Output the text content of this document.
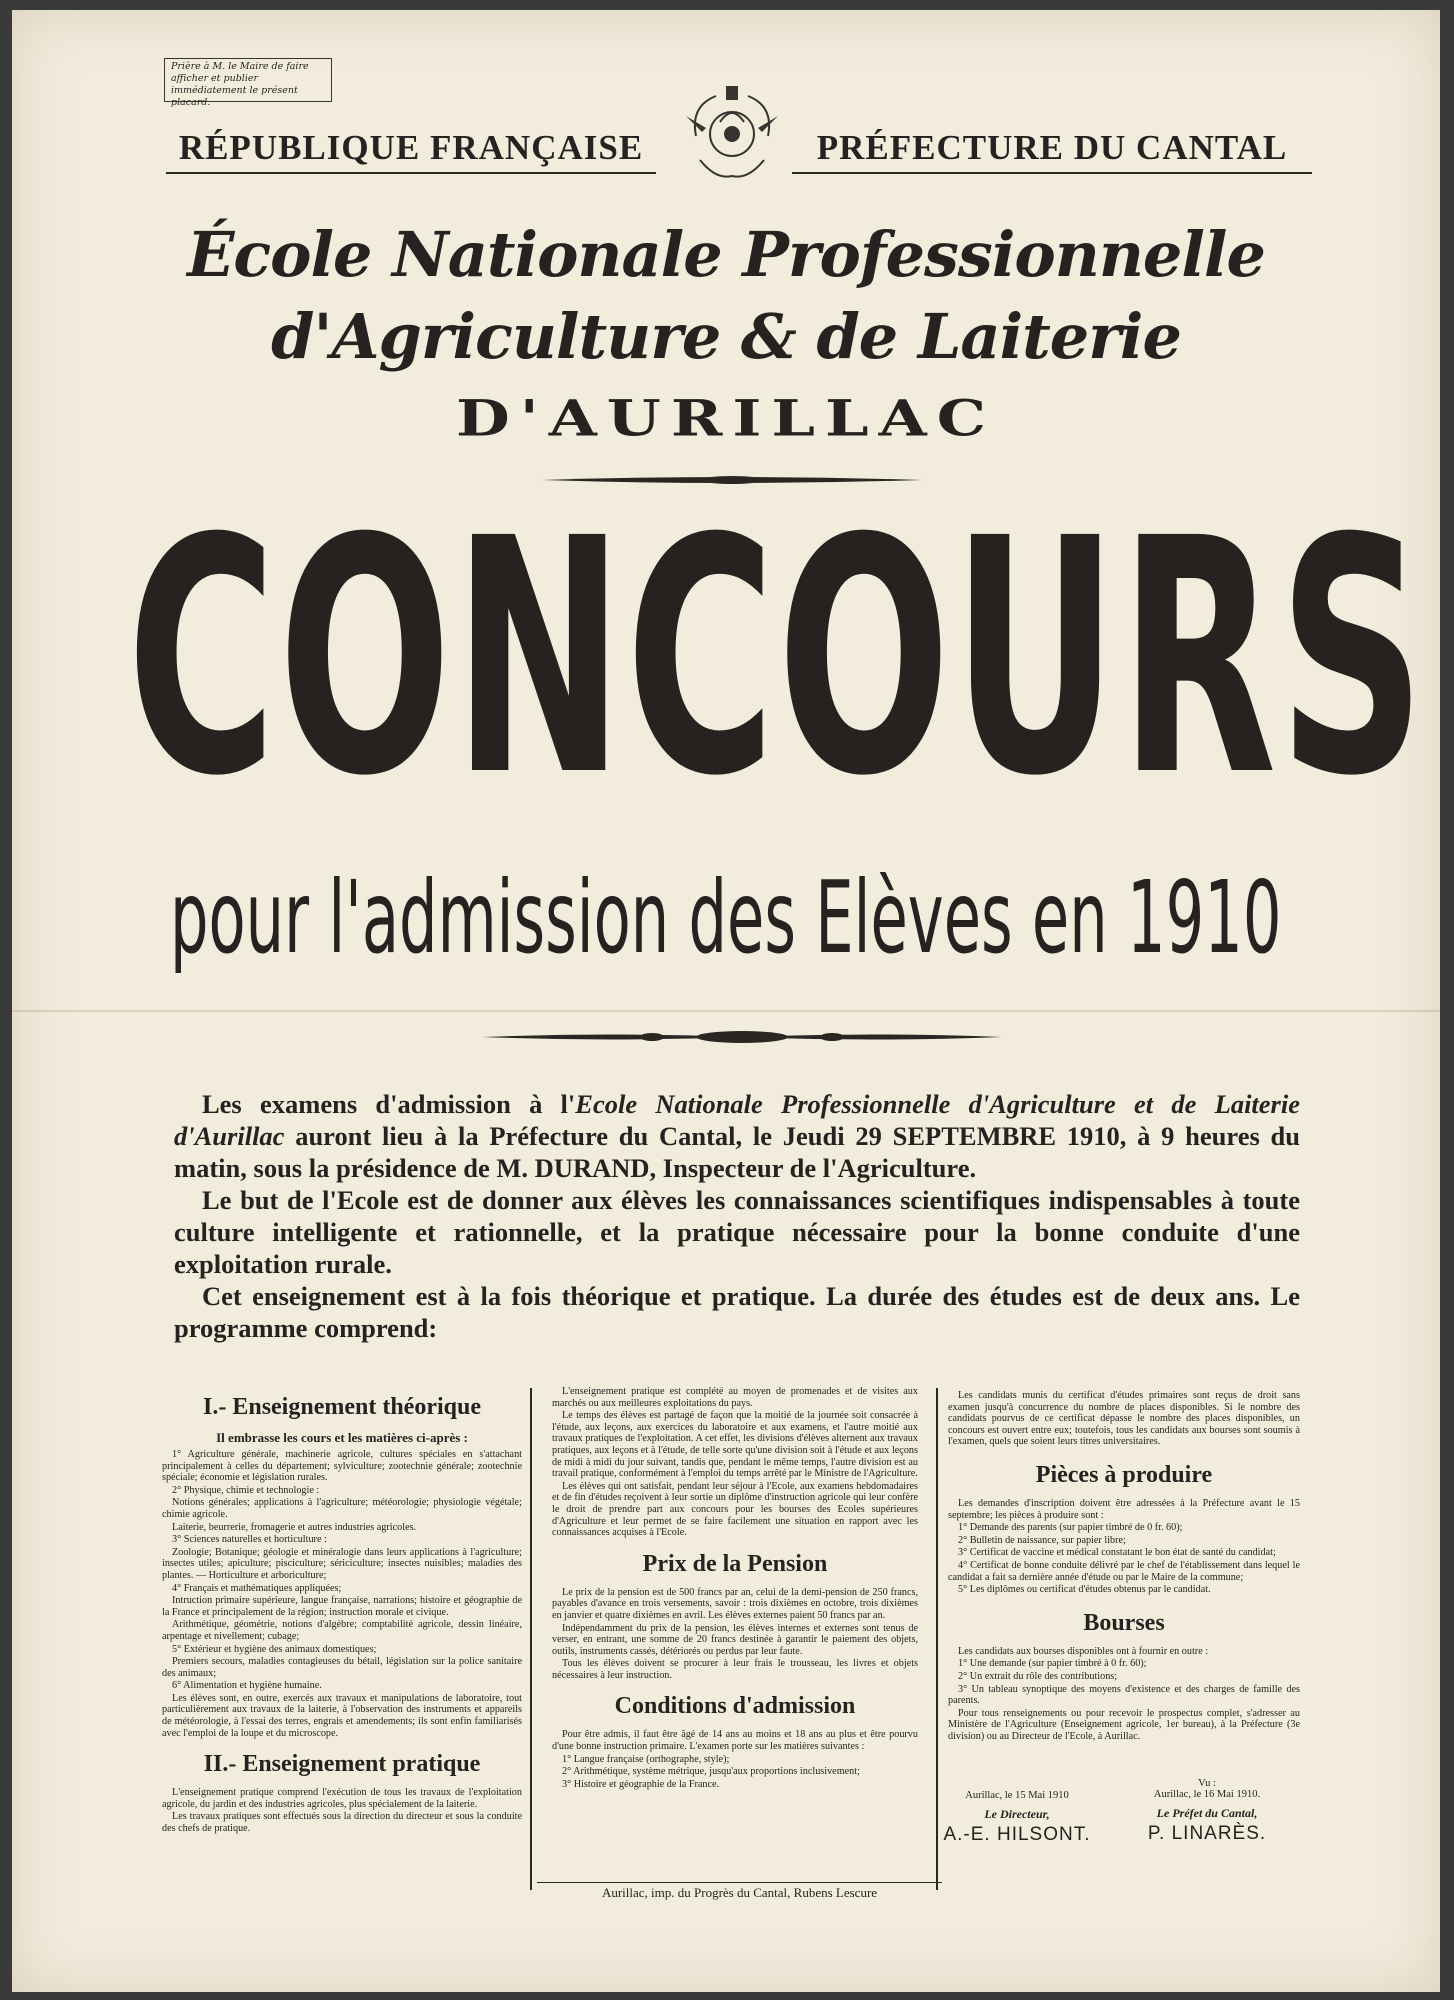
Prière à M. le Maire de faire afficher et publier immédiatement le présent placard.
RÉPUBLIQUE FRANÇAISE	PRÉFECTURE DU CANTAL
École Nationale Professionnelle
d'Agriculture & de Laiterie
D'AURILLAC
CONCOURS
pour l'admission des Elèves en 1910

Les examens d'admission à l'Ecole Nationale Professionnelle d'Agriculture et de Laiterie d'Aurillac auront lieu à la Préfecture du Cantal, le Jeudi 29 SEPTEMBRE 1910, à 9 heures du matin, sous la présidence de M. DURAND, Inspecteur de l'Agriculture.

Le but de l'Ecole est de donner aux élèves les connaissances scientifiques indispensables à toute culture intelligente et rationnelle, et la pratique nécessaire pour la bonne conduite d'une exploitation rurale.

Cet enseignement est à la fois théorique et pratique. La durée des études est de deux ans. Le programme comprend:

I.- Enseignement théorique
Il embrasse les cours et les matières ci-après :

1° Agriculture générale, machinerie agricole, cultures spéciales en s'attachant principalement à celles du département; sylviculture; zootechnie générale; zootechnie spéciale; économie et législation rurales.

2° Physique, chimie et technologie :

Notions générales; applications à l'agriculture; météorologie; physiologie végétale; chimie agricole.

Laiterie, beurrerie, fromagerie et autres industries agricoles.

3° Sciences naturelles et horticulture :

Zoologie; Botanique; géologie et minéralogie dans leurs applications à l'agriculture; insectes utiles; apiculture; pisciculture; sériciculture; insectes nuisibles; maladies des plantes. — Horticulture et arboriculture;

4° Français et mathématiques appliquées;

Intruction primaire supérieure, langue française, narrations; histoire et géographie de la France et principalement de la région; instruction morale et civique.

Arithmétique, géométrie, notions d'algèbre; comptabilité agricole, dessin linéaire, arpentage et nivellement; cubage;

5° Extérieur et hygiène des animaux domestiques;

Premiers secours, maladies contagieuses du bétail, législation sur la police sanitaire des animaux;

6° Alimentation et hygiène humaine.

Les élèves sont, en outre, exercés aux travaux et manipulations de laboratoire, tout particulièrement aux travaux de la laiterie, à l'observation des instruments et appareils de météorologie, à l'essai des terres, engrais et amendements; ils sont enfin familiarisés avec l'emploi de la loupe et du microscope.

II.- Enseignement pratique

L'enseignement pratique comprend l'exécution de tous les travaux de l'exploitation agricole, du jardin et des industries agricoles, plus spécialement de la laiterie.

Les travaux pratiques sont effectués sous la direction du directeur et sous la conduite des chefs de pratique.

L'enseignement pratique est complété au moyen de promenades et de visites aux marchés ou aux meilleures exploitations du pays.

Le temps des élèves est partagé de façon que la moitié de la journée soit consacrée à l'étude, aux leçons, aux exercices du laboratoire et aux examens, et l'autre moitié aux travaux pratiques de l'exploitation. A cet effet, les divisions d'élèves alternent aux travaux pratiques, aux leçons et à l'étude, de telle sorte qu'une division soit à l'étude et aux leçons de midi à midi du jour suivant, tandis que, pendant le même temps, l'autre division est au travail pratique, conformément à l'emploi du temps arrêté par le Ministre de l'Agriculture.

Les élèves qui ont satisfait, pendant leur séjour à l'Ecole, aux examens hebdomadaires et de fin d'études reçoivent à leur sortie un diplôme d'instruction agricole qui leur confère le droit de prendre part aux concours pour les bourses des Ecoles supérieures d'Agriculture et leur permet de se faire facilement une situation en rapport avec les connaissances acquises à l'Ecole.

Prix de la Pension

Le prix de la pension est de 500 francs par an, celui de la demi-pension de 250 francs, payables d'avance en trois versements, savoir : trois dixièmes en octobre, trois dixièmes en janvier et quatre dixièmes en avril. Les élèves externes paient 50 francs par an.

Indépendamment du prix de la pension, les élèves internes et externes sont tenus de verser, en entrant, une somme de 20 francs destinée à garantir le paiement des objets, outils, instruments cassés, détériorés ou perdus par leur faute.

Tous les élèves doivent se procurer à leur frais le trousseau, les livres et objets nécessaires à leur instruction.

Conditions d'admission

Pour être admis, il faut être âgé de 14 ans au moins et 18 ans au plus et être pourvu d'une bonne instruction primaire. L'examen porte sur les matières suivantes :

1° Langue française (orthographe, style);

2° Arithmétique, système métrique, jusqu'aux proportions inclusivement;

3° Histoire et géographie de la France.

Les candidats munis du certificat d'études primaires sont reçus de droit sans examen jusqu'à concurrence du nombre de places disponibles. Si le nombre des candidats pourvus de ce certificat dépasse le nombre des places disponibles, un concours est ouvert entre eux; toutefois, tous les candidats aux bourses sont soumis à l'examen, quels que soient leurs titres universitaires.

Pièces à produire

Les demandes d'inscription doivent être adressées à la Préfecture avant le 15 septembre; les pièces à produire sont :

1° Demande des parents (sur papier timbré de 0 fr. 60);

2° Bulletin de naissance, sur papier libre;

3° Certificat de vaccine et médical constatant le bon état de santé du candidat;

4° Certificat de bonne conduite délivré par le chef de l'établissement dans lequel le candidat a fait sa dernière année d'étude ou par le Maire de la commune;

5° Les diplômes ou certificat d'études obtenus par le candidat.

Bourses

Les candidats aux bourses disponibles ont à fournir en outre :

1° Une demande (sur papier timbré à 0 fr. 60);

2° Un extrait du rôle des contributions;

3° Un tableau synoptique des moyens d'existence et des charges de famille des parents.

Pour tous renseignements ou pour recevoir le prospectus complet, s'adresser au Ministère de l'Agriculture (Enseignement agricole, 1er bureau), à la Préfecture (3e division) ou au Directeur de l'Ecole, à Aurillac.

Aurillac, le 15 Mai 1910
Le Directeur,
A.-E. HILSONT.
Vu :
Aurillac, le 16 Mai 1910.
Le Préfet du Cantal,
P. LINARÈS.
Aurillac, imp. du Progrès du Cantal, Rubens Lescure
